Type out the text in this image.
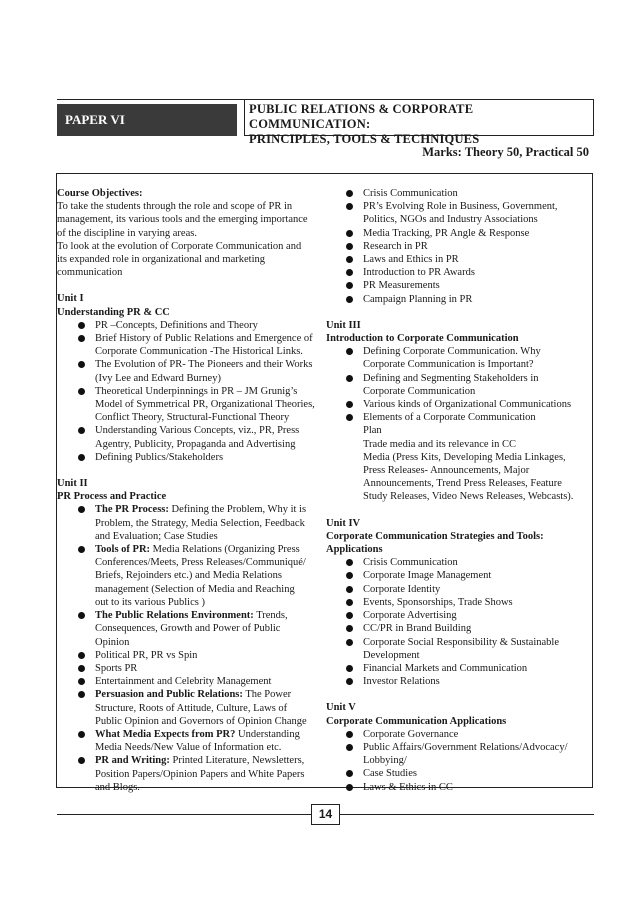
PAPER VI
PUBLIC RELATIONS & CORPORATE COMMUNICATION:
PRINCIPLES, TOOLS & TECHNIQUES
Marks: Theory 50, Practical 50

Course Objectives:

To take the students through the role and scope of PR in
management, its various tools and the emerging importance
of the discipline in varying areas.
To look at the evolution of Corporate Communication and
its expanded role in organizational and marketing
communication

Unit I

Understanding PR & CC

PR –Concepts, Definitions and Theory
Brief History of Public Relations and Emergence of
Corporate Communication -The Historical Links.
The Evolution of PR- The Pioneers and their Works
(Ivy Lee and Edward Burney)
Theoretical Underpinnings in PR – JM Grunig’s
Model of Symmetrical PR, Organizational Theories,
Conflict Theory, Structural-Functional Theory
Understanding Various Concepts, viz., PR, Press
Agentry, Publicity, Propaganda and Advertising
Defining Publics/Stakeholders

Unit II

PR Process and Practice

The PR Process: Defining the Problem, Why it is
Problem, the Strategy, Media Selection, Feedback
and Evaluation; Case Studies
Tools of PR: Media Relations (Organizing Press
Conferences/Meets, Press Releases/Communiqué/
Briefs, Rejoinders etc.) and Media Relations
management (Selection of Media and Reaching
out to its various Publics )
The Public Relations Environment: Trends,
Consequences, Growth and Power of Public
Opinion
Political PR, PR vs Spin
Sports PR
Entertainment and Celebrity Management
Persuasion and Public Relations: The Power
Structure, Roots of Attitude, Culture, Laws of
Public Opinion and Governors of Opinion Change
What Media Expects from PR? Understanding
Media Needs/New Value of Information etc.
PR and Writing: Printed Literature, Newsletters,
Position Papers/Opinion Papers and White Papers
and Blogs.
Crisis Communication
PR’s Evolving Role in Business, Government,
Politics, NGOs and Industry Associations
Media Tracking, PR Angle & Response
Research in PR
Laws and Ethics in PR
Introduction to PR Awards
PR Measurements
Campaign Planning in PR

Unit III

Introduction to Corporate Communication

Defining Corporate Communication. Why
Corporate Communication is Important?
Defining and Segmenting Stakeholders in
Corporate Communication
Various kinds of Organizational Communications
Elements of a Corporate Communication
Plan
Trade media and its relevance in CC
Media (Press Kits, Developing Media Linkages,
Press Releases- Announcements, Major
Announcements, Trend Press Releases, Feature
Study Releases, Video News Releases, Webcasts).

Unit IV

Corporate Communication Strategies and Tools:

Applications

Crisis Communication
Corporate Image Management
Corporate Identity
Events, Sponsorships, Trade Shows
Corporate Advertising
CC/PR in Brand Building
Corporate Social Responsibility & Sustainable
Development
Financial Markets and Communication
Investor Relations

Unit V

Corporate Communication Applications

Corporate Governance
Public Affairs/Government Relations/Advocacy/
Lobbying/
Case Studies
Laws & Ethics in CC
14
